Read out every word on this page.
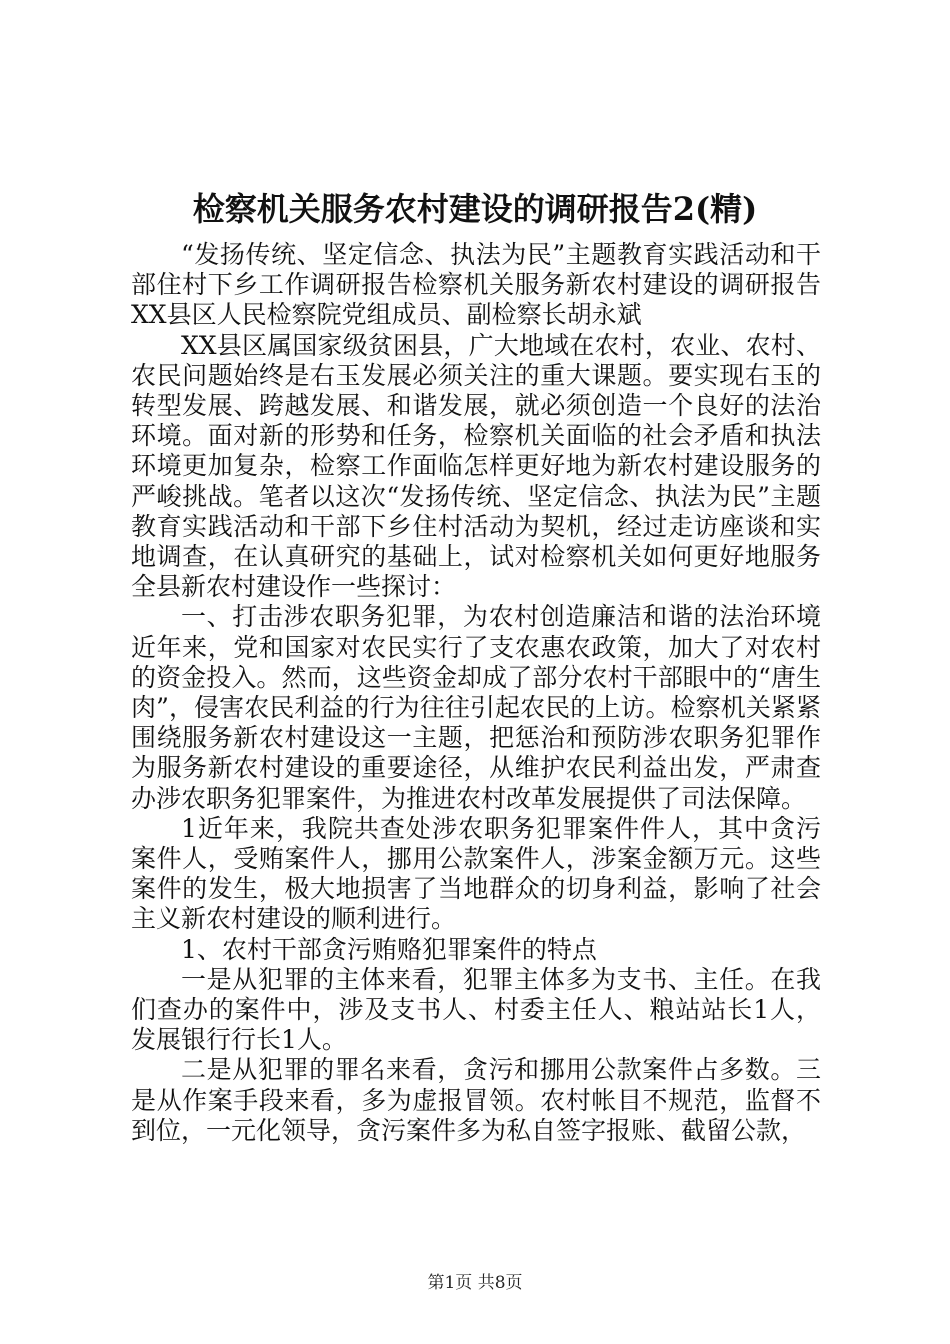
检察机关服务农村建设的调研报告2(精)

“发扬传统、坚定信念、执法为民”主题教育实践活动和干部住村下乡工作调研报告检察机关服务新农村建设的调研报告XX县区人民检察院党组成员、副检察长胡永斌

XX县区属国家级贫困县，广大地域在农村，农业、农村、农民问题始终是右玉发展必须关注的重大课题。要实现右玉的转型发展、跨越发展、和谐发展，就必须创造一个良好的法治环境。面对新的形势和任务，检察机关面临的社会矛盾和执法环境更加复杂，检察工作面临怎样更好地为新农村建设服务的严峻挑战。笔者以这次“发扬传统、坚定信念、执法为民”主题教育实践活动和干部下乡住村活动为契机，经过走访座谈和实地调查，在认真研究的基础上，试对检察机关如何更好地服务全县新农村建设作一些探讨：

一、打击涉农职务犯罪，为农村创造廉洁和谐的法治环境近年来，党和国家对农民实行了支农惠农政策，加大了对农村的资金投入。然而，这些资金却成了部分农村干部眼中的“唐生肉”，侵害农民利益的行为往往引起农民的上访。检察机关紧紧围绕服务新农村建设这一主题，把惩治和预防涉农职务犯罪作为服务新农村建设的重要途径，从维护农民利益出发，严肃查办涉农职务犯罪案件，为推进农村改革发展提供了司法保障。

1近年来，我院共查处涉农职务犯罪案件件人，其中贪污案件人，受贿案件人，挪用公款案件人，涉案金额万元。这些案件的发生，极大地损害了当地群众的切身利益，影响了社会主义新农村建设的顺利进行。

1、农村干部贪污贿赂犯罪案件的特点

一是从犯罪的主体来看，犯罪主体多为支书、主任。在我们查办的案件中，涉及支书人、村委主任人、粮站站长1人，发展银行行长1人。

二是从犯罪的罪名来看，贪污和挪用公款案件占多数。三是从作案手段来看，多为虚报冒领。农村帐目不规范，监督不到位，一元化领导，贪污案件多为私自签字报账、截留公款，

第1页 共8页
